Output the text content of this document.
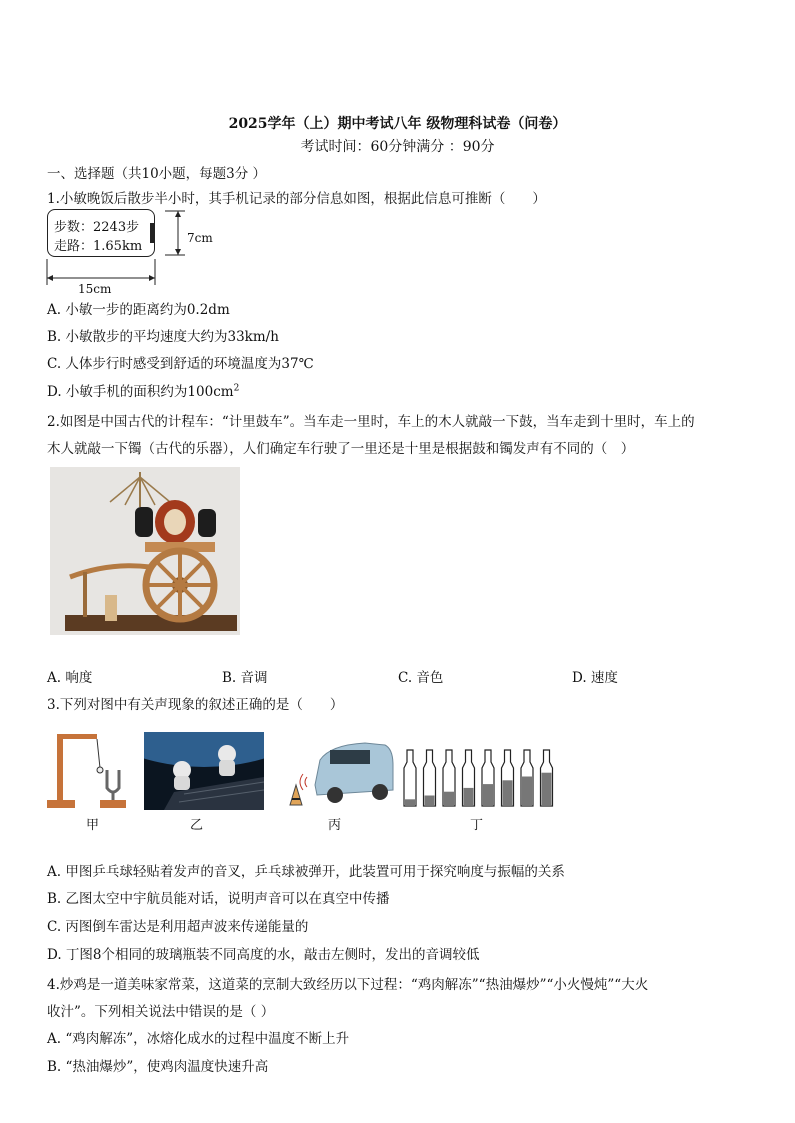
2025学年（上）期中考试八年 级物理科试卷（问卷）
考试时间：60分钟满分 ：90分
一、选择题（共10小题，每题3分 ）
1.小敏晚饭后散步半小时，其手机记录的部分信息如图，根据此信息可推断（　　）
步数：2243步
走路：1.65km
7cm
15cm
A. 小敏一步的距离约为0.2dm
B. 小敏散步的平均速度大约为33km/h
C. 人体步行时感受到舒适的环境温度为37℃
D. 小敏手机的面积约为$100cm^2$
2.如图是中国古代的计程车：“计里鼓车”。当车走一里时，车上的木人就敲一下鼓，当车走到十里时，车上的
木人就敲一下镯（古代的乐器），人们确定车行驶了一里还是十里是根据鼓和镯发声有不同的（　）
A. 响度	B. 音调	C. 音色	D. 速度
3.下列对图中有关声现象的叙述正确的是（　　）
甲	乙	丙	丁
A. 甲图乒乓球轻贴着发声的音叉，乒乓球被弹开，此装置可用于探究响度与振幅的关系
B. 乙图太空中宇航员能对话，说明声音可以在真空中传播
C. 丙图倒车雷达是利用超声波来传递能量的
D. 丁图8个相同的玻璃瓶装不同高度的水，敲击左侧时，发出的音调较低
4.炒鸡是一道美味家常菜，这道菜的烹制大致经历以下过程：“鸡肉解冻”“热油爆炒”“小火慢炖”“大火
收汁”。下列相关说法中错误的是（ ）
A. “鸡肉解冻”，冰熔化成水的过程中温度不断上升
B. “热油爆炒”，使鸡肉温度快速升高
